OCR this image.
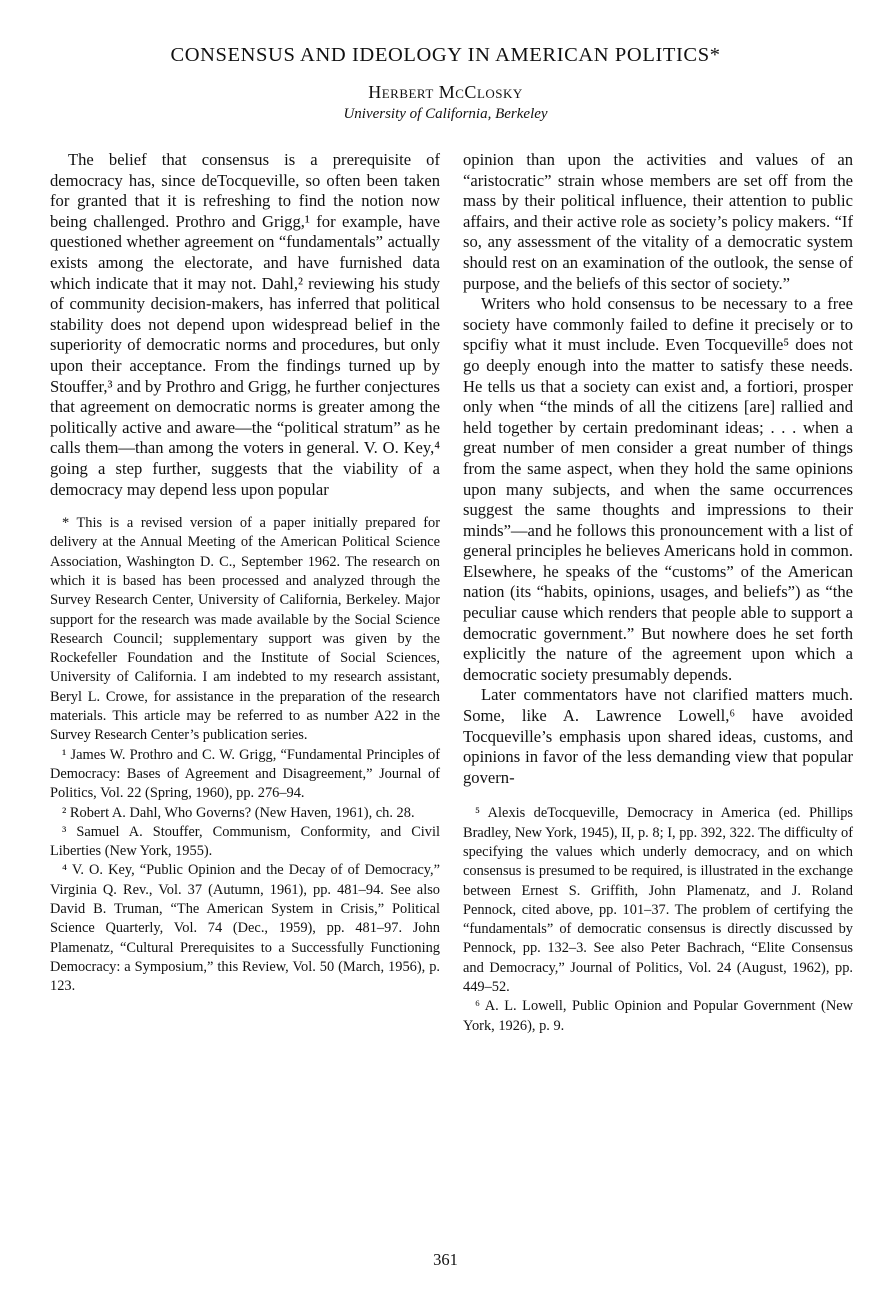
CONSENSUS AND IDEOLOGY IN AMERICAN POLITICS*
Herbert McClosky
University of California, Berkeley

The belief that consensus is a prerequisite of democracy has, since deTocqueville, so often been taken for granted that it is refreshing to find the notion now being challenged. Prothro and Grigg,¹ for example, have questioned whether agreement on “fundamentals” actually exists among the electorate, and have furnished data which indicate that it may not. Dahl,² reviewing his study of community decision-makers, has inferred that political stability does not depend upon widespread belief in the superiority of democratic norms and procedures, but only upon their acceptance. From the findings turned up by Stouffer,³ and by Prothro and Grigg, he further conjectures that agreement on democratic norms is greater among the politically active and aware—the “political stratum” as he calls them—than among the voters in general. V. O. Key,⁴ going a step further, suggests that the viability of a democracy may depend less upon popular

* This is a revised version of a paper initially prepared for delivery at the Annual Meeting of the American Political Science Association, Washington D. C., September 1962. The research on which it is based has been processed and analyzed through the Survey Research Center, University of California, Berkeley. Major support for the research was made available by the Social Science Research Council; supplementary support was given by the Rockefeller Foundation and the Institute of Social Sciences, University of California. I am indebted to my research assistant, Beryl L. Crowe, for assistance in the preparation of the research materials. This article may be referred to as number A22 in the Survey Research Center’s publication series.

¹ James W. Prothro and C. W. Grigg, “Fundamental Principles of Democracy: Bases of Agreement and Disagreement,” Journal of Politics, Vol. 22 (Spring, 1960), pp. 276–94.

² Robert A. Dahl, Who Governs? (New Haven, 1961), ch. 28.

³ Samuel A. Stouffer, Communism, Conformity, and Civil Liberties (New York, 1955).

⁴ V. O. Key, “Public Opinion and the Decay of of Democracy,” Virginia Q. Rev., Vol. 37 (Autumn, 1961), pp. 481–94. See also David B. Truman, “The American System in Crisis,” Political Science Quarterly, Vol. 74 (Dec., 1959), pp. 481–97. John Plamenatz, “Cultural Prerequisites to a Successfully Functioning Democracy: a Symposium,” this Review, Vol. 50 (March, 1956), p. 123.

opinion than upon the activities and values of an “aristocratic” strain whose members are set off from the mass by their political influence, their attention to public affairs, and their active role as society’s policy makers. “If so, any assessment of the vitality of a democratic system should rest on an examination of the outlook, the sense of purpose, and the beliefs of this sector of society.”

Writers who hold consensus to be necessary to a free society have commonly failed to define it precisely or to spcifiy what it must include. Even Tocqueville⁵ does not go deeply enough into the matter to satisfy these needs. He tells us that a society can exist and, a fortiori, prosper only when “the minds of all the citizens [are] rallied and held together by certain predominant ideas; . . . when a great number of men consider a great number of things from the same aspect, when they hold the same opinions upon many subjects, and when the same occurrences suggest the same thoughts and impressions to their minds”—and he follows this pronouncement with a list of general principles he believes Americans hold in common. Elsewhere, he speaks of the “customs” of the American nation (its “habits, opinions, usages, and beliefs”) as “the peculiar cause which renders that people able to support a democratic government.” But nowhere does he set forth explicitly the nature of the agreement upon which a democratic society presumably depends.

Later commentators have not clarified matters much. Some, like A. Lawrence Lowell,⁶ have avoided Tocqueville’s emphasis upon shared ideas, customs, and opinions in favor of the less demanding view that popular govern-

⁵ Alexis deTocqueville, Democracy in America (ed. Phillips Bradley, New York, 1945), II, p. 8; I, pp. 392, 322. The difficulty of specifying the values which underly democracy, and on which consensus is presumed to be required, is illustrated in the exchange between Ernest S. Griffith, John Plamenatz, and J. Roland Pennock, cited above, pp. 101–37. The problem of certifying the “fundamentals” of democratic consensus is directly discussed by Pennock, pp. 132–3. See also Peter Bachrach, “Elite Consensus and Democracy,” Journal of Politics, Vol. 24 (August, 1962), pp. 449–52.

⁶ A. L. Lowell, Public Opinion and Popular Government (New York, 1926), p. 9.

361
